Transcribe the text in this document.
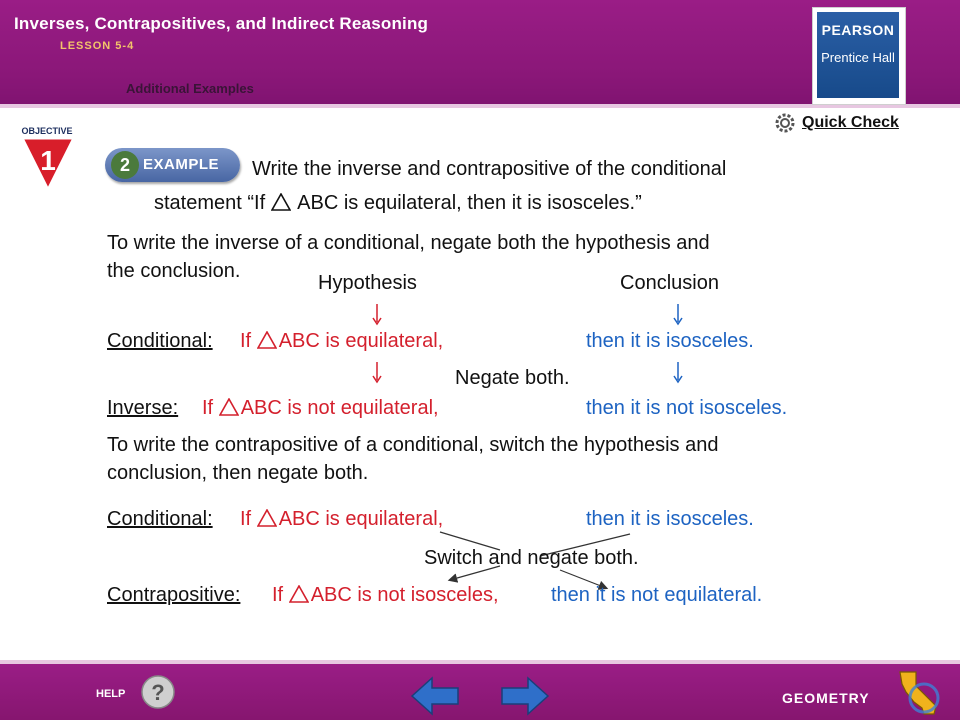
Inverses, Contrapositives, and Indirect Reasoning
LESSON 5-4
Additional Examples
PEARSON
Prentice Hall
Quick Check
OBJECTIVE
1	2 EXAMPLE Write the inverse and contrapositive of the conditional
statement “If ABC is equilateral, then it is isosceles.”
To write the inverse of a conditional, negate both the hypothesis and
the conclusion.
Hypothesis	Conclusion
Conditional: If ABC is equilateral,	then it is isosceles.
Negate both.
Inverse: If ABC is not equilateral,	then it is not isosceles.
To write the contrapositive of a conditional, switch the hypothesis and
conclusion, then negate both.
Conditional: If ABC is equilateral,	then it is isosceles.
Switch and negate both.
Contrapositive: If ABC is not isosceles,	then it is not equilateral.
HELP ?	GEOMETRY
